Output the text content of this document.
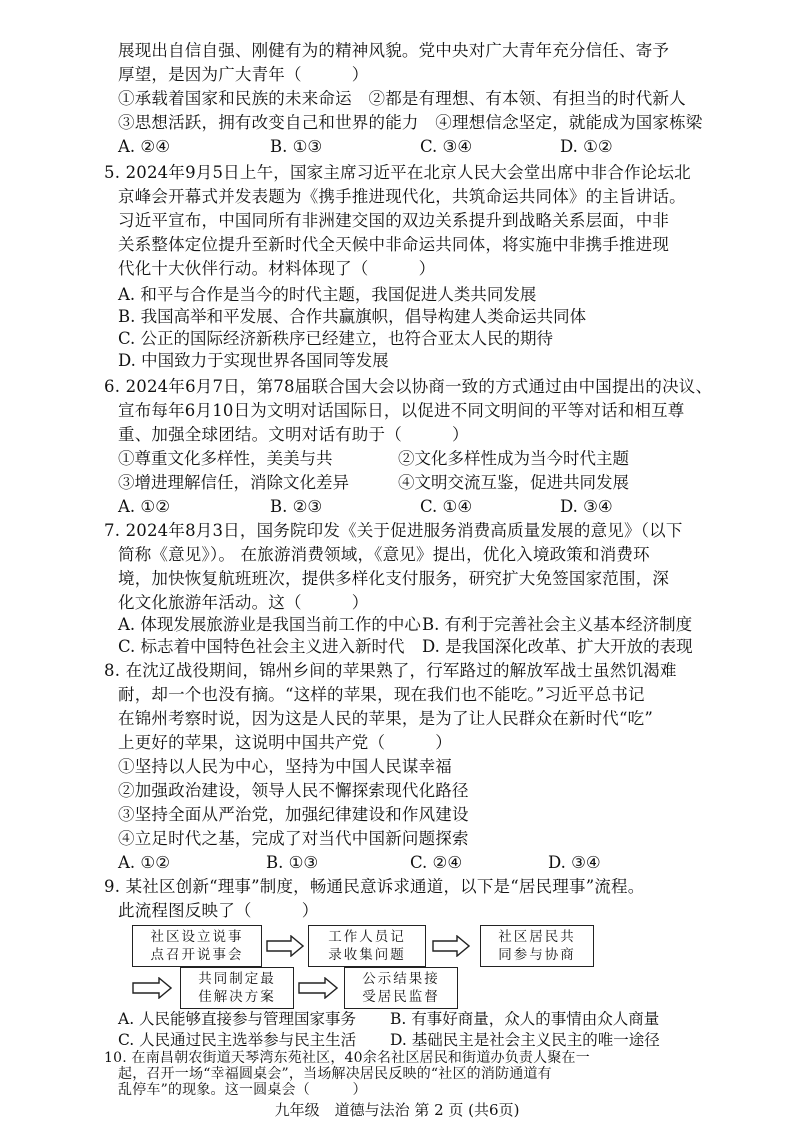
展现出自信自强、刚健有为的精神风貌。党中央对广大青年充分信任、寄予
厚望，是因为广大青年（　　　）
①承载着国家和民族的未来命运　②都是有理想、有本领、有担当的时代新人
③思想活跃，拥有改变自己和世界的能力　④理想信念坚定，就能成为国家栋梁
A. ②④	B. ①③	C. ③④	D. ①②
5. 2024年9月5日上午，国家主席习近平在北京人民大会堂出席中非合作论坛北
京峰会开幕式并发表题为《携手推进现代化，共筑命运共同体》的主旨讲话。
习近平宣布，中国同所有非洲建交国的双边关系提升到战略关系层面，中非
关系整体定位提升至新时代全天候中非命运共同体，将实施中非携手推进现
代化十大伙伴行动。材料体现了（　　　）
A. 和平与合作是当今的时代主题，我国促进人类共同发展
B. 我国高举和平发展、合作共赢旗帜，倡导构建人类命运共同体
C. 公正的国际经济新秩序已经建立，也符合亚太人民的期待
D. 中国致力于实现世界各国同等发展
6. 2024年6月7日，第78届联合国大会以协商一致的方式通过由中国提出的决议、
宣布每年6月10日为文明对话国际日，以促进不同文明间的平等对话和相互尊
重、加强全球团结。文明对话有助于（　　　）
①尊重文化多样性，美美与共	②文化多样性成为当今时代主题
③增进理解信任，消除文化差异	④文明交流互鉴，促进共同发展
A. ①②	B. ②③	C. ①④	D. ③④
7. 2024年8月3日，国务院印发《关于促进服务消费高质量发展的意见》（以下
简称《意见》）。 在旅游消费领域，《意见》提出，优化入境政策和消费环
境，加快恢复航班班次，提供多样化支付服务，研究扩大免签国家范围，深
化文化旅游年活动。这（　　　）
A. 体现发展旅游业是我国当前工作的中心 B. 有利于完善社会主义基本经济制度
C. 标志着中国特色社会主义进入新时代 D. 是我国深化改革、扩大开放的表现
8. 在沈辽战役期间，锦州乡间的苹果熟了，行军路过的解放军战士虽然饥渴难
耐，却一个也没有摘。“这样的苹果，现在我们也不能吃。”习近平总书记
在锦州考察时说，因为这是人民的苹果，是为了让人民群众在新时代“吃”
上更好的苹果，这说明中国共产党（　　　）
①坚持以人民为中心，坚持为中国人民谋幸福
②加强政治建设，领导人民不懈探索现代化路径
③坚持全面从严治党，加强纪律建设和作风建设
④立足时代之基，完成了对当代中国新问题探索
A. ①②	B. ①③	C. ②④	D. ③④
9. 某社区创新“理事”制度，畅通民意诉求通道，以下是“居民理事”流程。
此流程图反映了（　　　）
社区设立说事
点召开说事会
工作人员记
录收集问题
社区居民共
同参与协商
共同制定最
佳解决方案
公示结果接
受居民监督
A. 人民能够直接参与管理国家事务 B. 有事好商量，众人的事情由众人商量
C. 人民通过民主选举参与民主生活 D. 基础民主是社会主义民主的唯一途径
九年级　道德与法治 第 2 页 (共6页)
10. 在南昌朝农街道天琴湾东苑社区，40余名社区居民和街道办负责人聚在一
起，召开一场“幸福圆桌会”，当场解决居民反映的“社区的消防通道有
乱停车”的现象。这一圆桌会（　　　）
